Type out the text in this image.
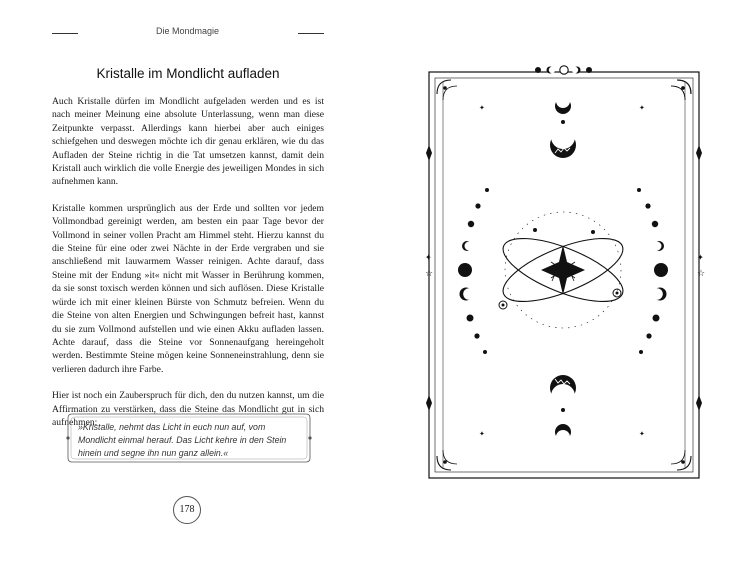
Die Mondmagie
Kristalle im Mondlicht aufladen

Auch Kristalle dürfen im Mondlicht aufgeladen werden und es ist nach meiner Meinung eine absolute Unterlassung, wenn man diese Zeitpunkte verpasst. Allerdings kann hierbei aber auch einiges schiefgehen und deswegen möchte ich dir genau erklären, wie du das Aufladen der Steine richtig in die Tat umsetzen kannst, damit dein Kristall auch wirklich die volle Energie des jeweiligen Mondes in sich aufnehmen kann.

Kristalle kommen ursprünglich aus der Erde und sollten vor jedem Vollmondbad gereinigt werden, am besten ein paar Tage bevor der Vollmond in seiner vollen Pracht am Himmel steht. Hierzu kannst du die Steine für eine oder zwei Nächte in der Erde vergraben und sie anschließend mit lauwarmem Wasser reinigen. Achte darauf, dass Steine mit der Endung »it« nicht mit Wasser in Berührung kommen, da sie sonst toxisch werden können und sich auflösen. Diese Kristalle würde ich mit einer kleinen Bürste von Schmutz befreien. Wenn du die Steine von alten Energien und Schwingungen befreit hast, kannst du sie zum Vollmond aufstellen und wie einen Akku aufladen lassen. Achte darauf, dass die Steine vor Sonnenaufgang hereingeholt werden. Bestimmte Steine mögen keine Sonneneinstrahlung, denn sie verlieren dadurch ihre Farbe.

Hier ist noch ein Zauberspruch für dich, den du nutzen kannst, um die Affirmation zu verstärken, dass die Steine das Mondlicht gut in sich aufnehmen:

»Kristalle, nehmt das Licht in euch nun auf, vom Mondlicht einmal herauf. Das Licht kehre in den Stein hinein und segne ihn nun ganz allein.«
178
✦
☆
✦
☆
✦	✦
✦	✦
